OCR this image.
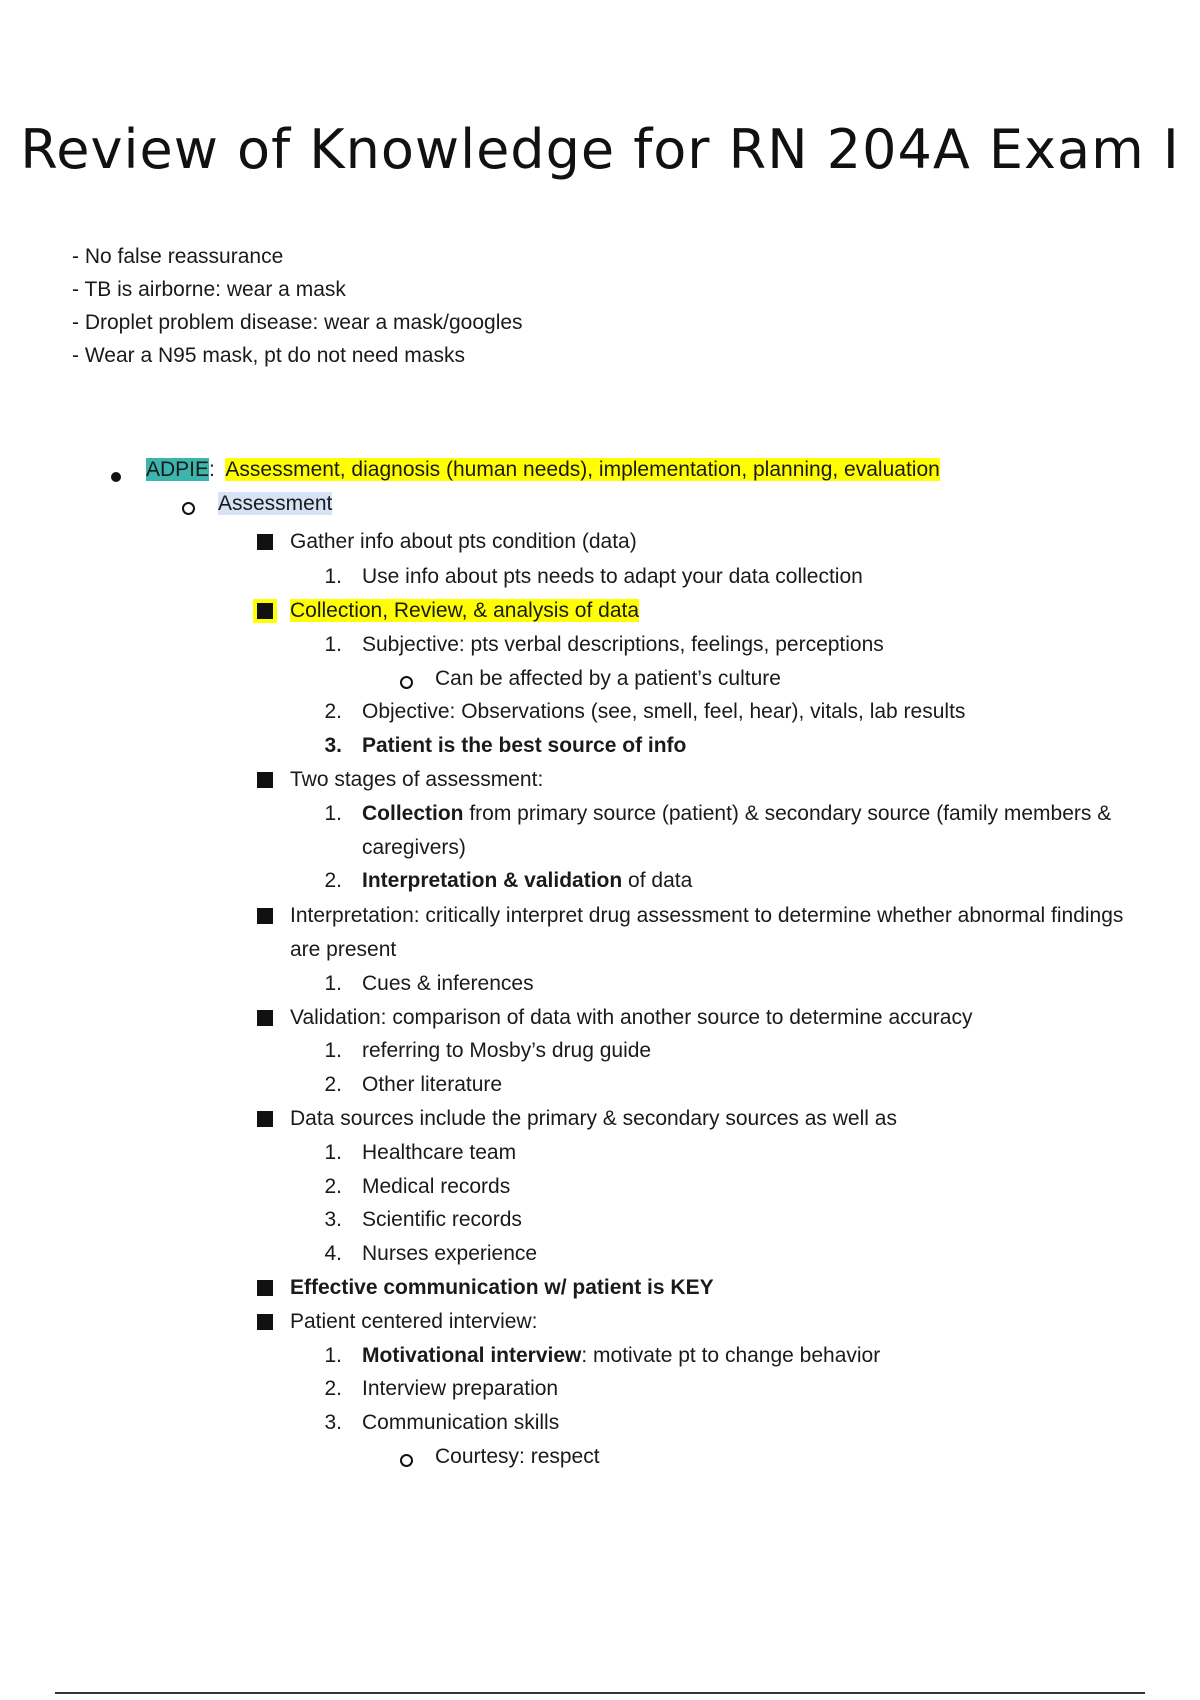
Review of Knowledge for RN 204A Exam I
- No false reassurance
- TB is airborne: wear a mask
- Droplet problem disease: wear a mask/googles
- Wear a N95 mask, pt do not need masks
ADPIE: Assessment, diagnosis (human needs), implementation, planning, evaluation
Assessment
Gather info about pts condition (data)
1. Use info about pts needs to adapt your data collection
Collection, Review, & analysis of data
1. Subjective: pts verbal descriptions, feelings, perceptions
Can be affected by a patient’s culture
2. Objective: Observations (see, smell, feel, hear), vitals, lab results
3. Patient is the best source of info
Two stages of assessment:
1. Collection from primary source (patient) & secondary source (family members & caregivers)
2. Interpretation & validation of data
Interpretation: critically interpret drug assessment to determine whether abnormal findings are present
1. Cues & inferences
Validation: comparison of data with another source to determine accuracy
1. referring to Mosby’s drug guide
2. Other literature
Data sources include the primary & secondary sources as well as
1. Healthcare team
2. Medical records
3. Scientific records
4. Nurses experience
Effective communication w/ patient is KEY
Patient centered interview:
1. Motivational interview: motivate pt to change behavior
2. Interview preparation
3. Communication skills
Courtesy: respect
